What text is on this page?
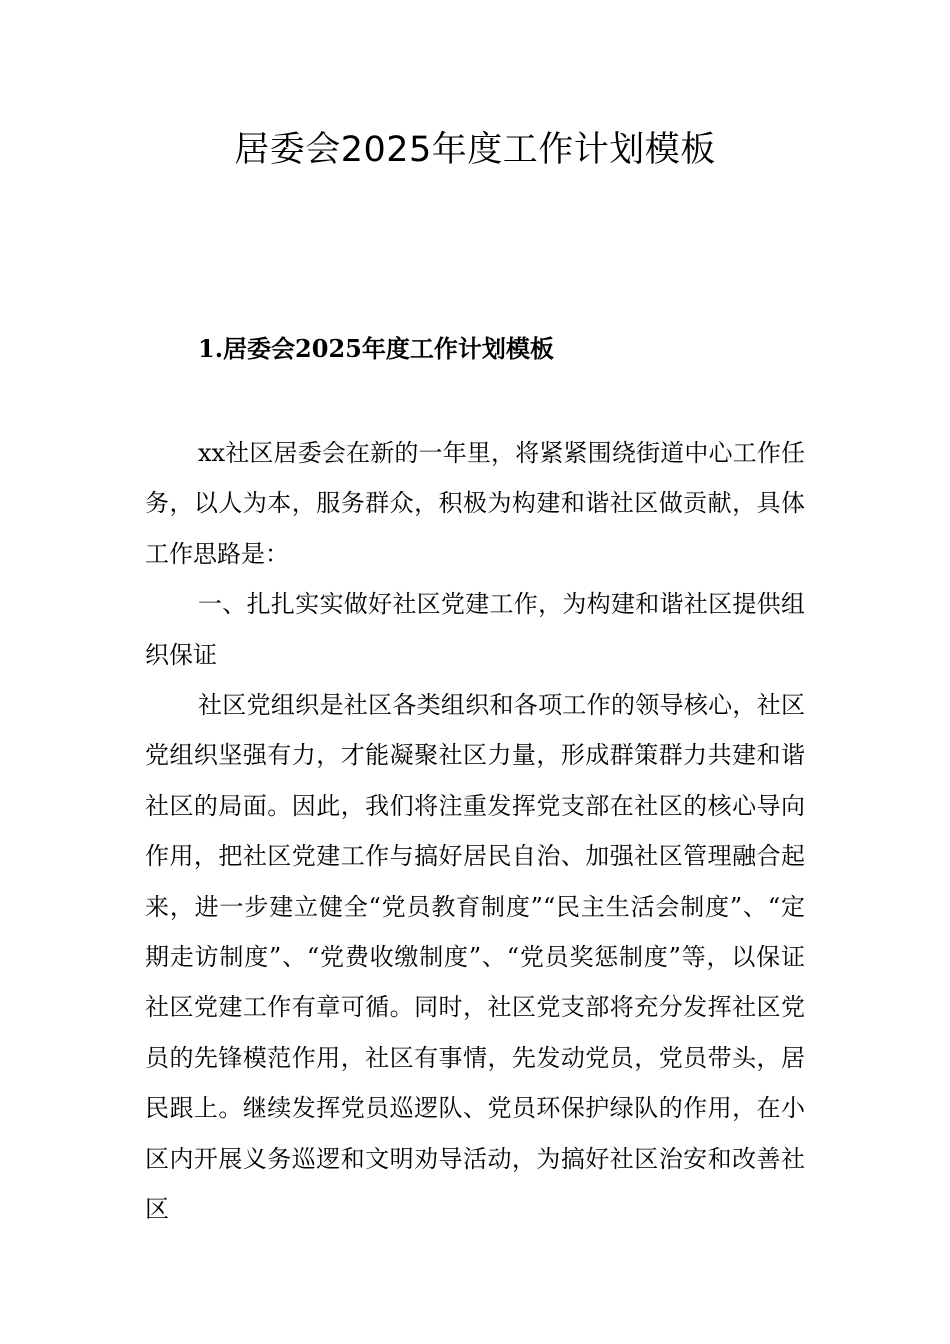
居委会2025年度工作计划模板
1.居委会2025年度工作计划模板

xx社区居委会在新的一年里，将紧紧围绕街道中心工作任务，以人为本，服务群众，积极为构建和谐社区做贡献，具体工作思路是：

一、扎扎实实做好社区党建工作，为构建和谐社区提供组织保证

社区党组织是社区各类组织和各项工作的领导核心，社区党组织坚强有力，才能凝聚社区力量，形成群策群力共建和谐社区的局面。因此，我们将注重发挥党支部在社区的核心导向作用，把社区党建工作与搞好居民自治、加强社区管理融合起来，进一步建立健全“党员教育制度”“民主生活会制度”、“定期走访制度”、“党费收缴制度”、“党员奖惩制度”等，以保证社区党建工作有章可循。同时，社区党支部将充分发挥社区党员的先锋模范作用，社区有事情，先发动党员，党员带头，居民跟上。继续发挥党员巡逻队、党员环保护绿队的作用，在小区内开展义务巡逻和文明劝导活动，为搞好社区治安和改善社区
